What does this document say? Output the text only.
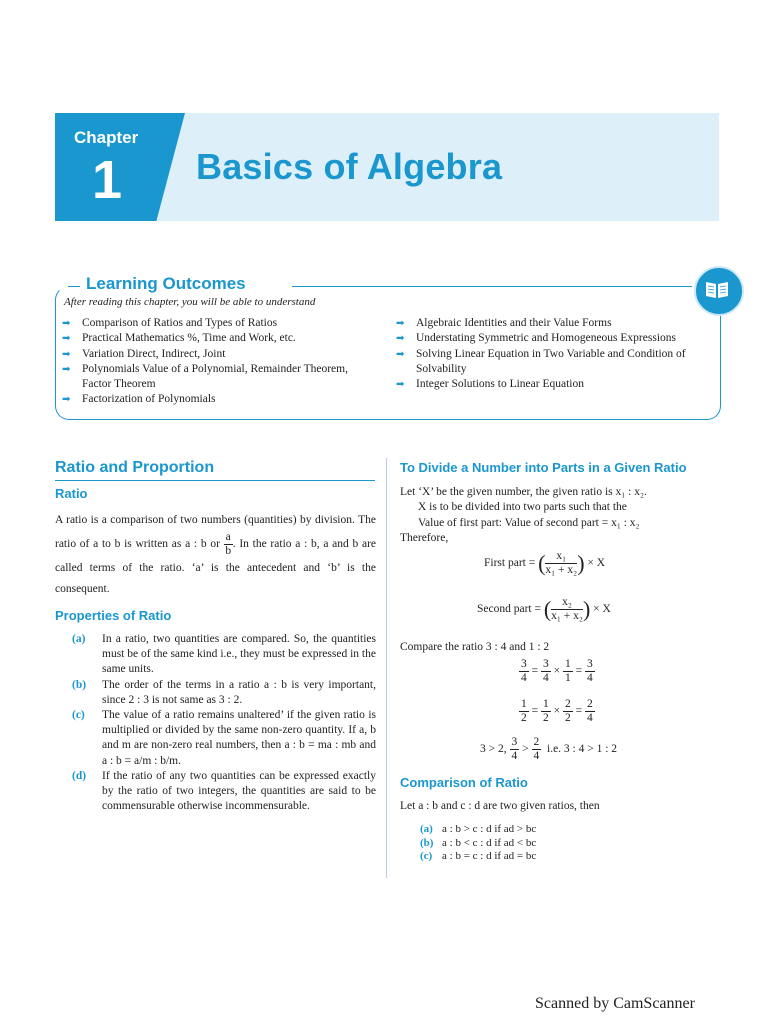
Chapter
1 Basics of Algebra
Learning Outcomes
After reading this chapter, you will be able to understand
➡ Comparison of Ratios and Types of Ratios
➡ Practical Mathematics %, Time and Work, etc.
➡ Variation Direct, Indirect, Joint
➡ Polynomials Value of a Polynomial, Remainder Theorem, Factor Theorem
➡ Factorization of Polynomials
➡ Algebraic Identities and their Value Forms
➡ Understating Symmetric and Homogeneous Expressions
➡ Solving Linear Equation in Two Variable and Condition of Solvability
➡ Integer Solutions to Linear Equation
Ratio and Proportion
Ratio
A ratio is a comparison of two numbers (quantities) by division. The ratio of a to b is written as a : b or $\frac{a}{b}$ . In the ratio a : b, a and b are called terms of the ratio. ‘a’ is the antecedent and ‘b’ is the consequent.
Properties of Ratio
(a) In a ratio, two quantities are compared. So, the quantities must be of the same kind i.e., they must be expressed in the same units.
(b) The order of the terms in a ratio a : b is very important, since 2 : 3 is not same as 3 : 2.
(c) The value of a ratio remains unaltered’ if the given ratio is multiplied or divided by the same non-zero quantity. If a, b and m are non-zero real numbers, then a : b = ma : mb and a : b = a/m : b/m.
(d) If the ratio of any two quantities can be expressed exactly by the ratio of two integers, the quantities are said to be commensurable otherwise incommensurable.
To Divide a Number into Parts in a Given Ratio
Let ‘X’ be the given number, the given ratio is x₁ : x₂.
X is to be divided into two parts such that the
Value of first part: Value of second part = x₁ : x₂
Therefore,
First part = ( $\frac{\text{x₁}}{\text{x₁ + x₂}}$ ) × X
Second part = ( $\frac{\text{x₂}}{\text{x₁ + x₂}}$ ) × X
Compare the ratio 3 : 4 and 1 : 2
$\frac{3}{4} = \frac{3}{4} \times \frac{1}{1} = \frac{3}{4}$
$\frac{1}{2} = \frac{1}{2} \times \frac{2}{2} = \frac{2}{4}$
3 > 2, $\frac{3}{4} > \frac{2}{4} i.e$. 3 : 4 > 1 : 2
Comparison of Ratio
Let a : b and c : d are two given ratios, then
(a) a : b > c : d if ad > bc
(b) a : b < c : d if ad < bc
(c) a : b = c : d if ad = bc
Scanned by CamScanner
